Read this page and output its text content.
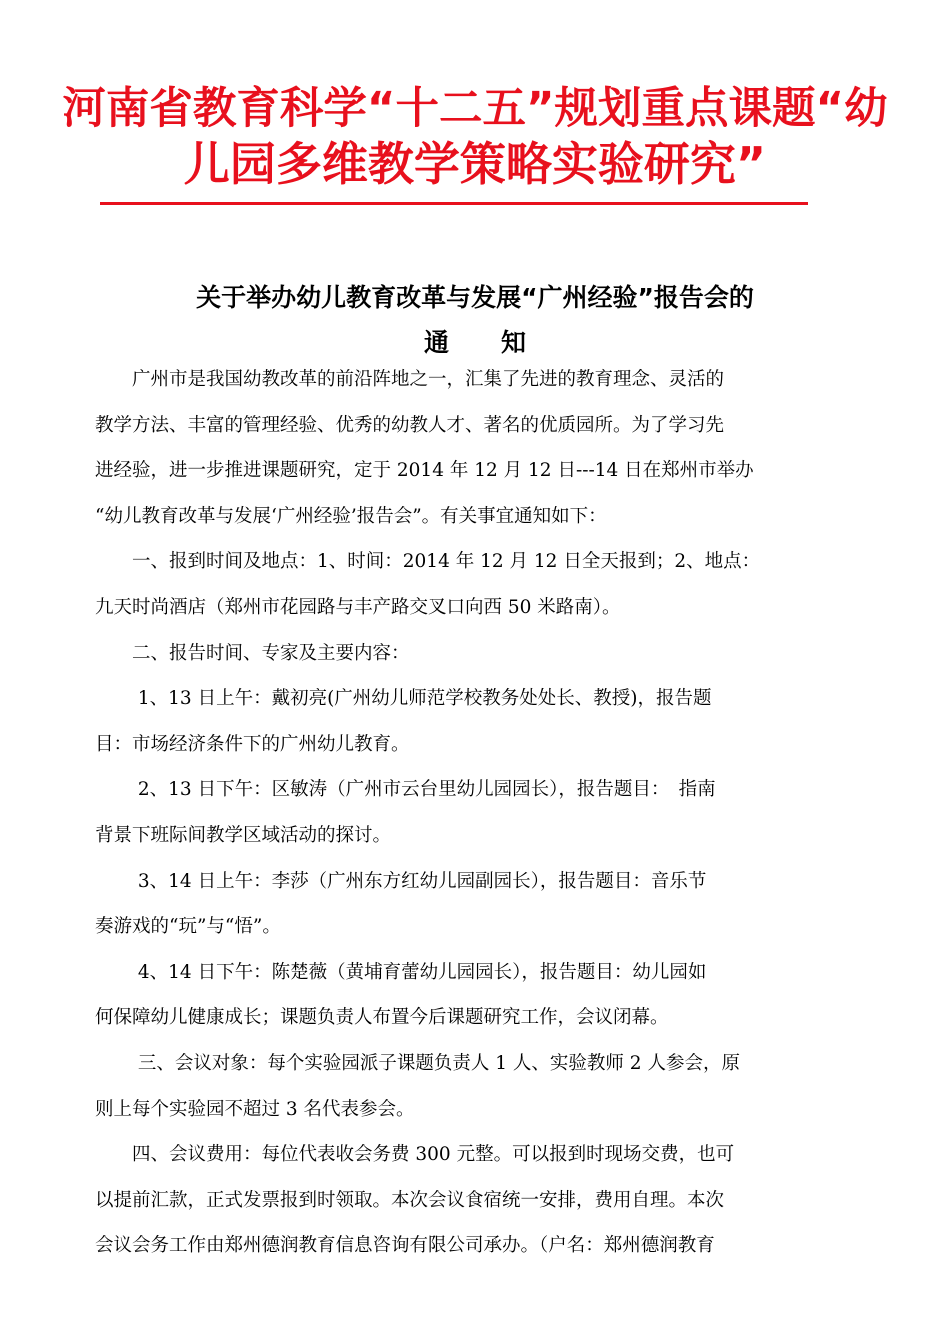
河南省教育科学“十二五”规划重点课题“幼
儿园多维教学策略实验研究”
关于举办幼儿教育改革与发展“广州经验”报告会的
通知
　　广州市是我国幼教改革的前沿阵地之一，汇集了先进的教育理念、灵活的
教学方法、丰富的管理经验、优秀的幼教人才、著名的优质园所。为了学习先
进经验，进一步推进课题研究，定于 2014 年 12 月 12 日---14 日在郑州市举办
“幼儿教育改革与发展‘广州经验’报告会”。有关事宜通知如下：
　　一、报到时间及地点：1、时间：2014 年 12 月 12 日全天报到；2、地点：
九天时尚酒店（郑州市花园路与丰产路交叉口向西 50 米路南）。
　　二、报告时间、专家及主要内容：
　　 1、13 日上午：戴初亮(广州幼儿师范学校教务处处长、教授)，报告题
目：市场经济条件下的广州幼儿教育。
　　 2、13 日下午：区敏涛（广州市云台里幼儿园园长），报告题目：　指南
背景下班际间教学区域活动的探讨。
　　 3、14 日上午：李莎（广州东方红幼儿园副园长），报告题目：音乐节
奏游戏的“玩”与“悟”。
　　 4、14 日下午：陈楚薇（黄埔育蕾幼儿园园长），报告题目：幼儿园如
何保障幼儿健康成长；课题负责人布置今后课题研究工作，会议闭幕。
　　 三、会议对象：每个实验园派子课题负责人 1 人、实验教师 2 人参会，原
则上每个实验园不超过 3 名代表参会。
　　四、会议费用：每位代表收会务费 300 元整。可以报到时现场交费，也可
以提前汇款，正式发票报到时领取。本次会议食宿统一安排，费用自理。本次
会议会务工作由郑州德润教育信息咨询有限公司承办。（户名：郑州德润教育
